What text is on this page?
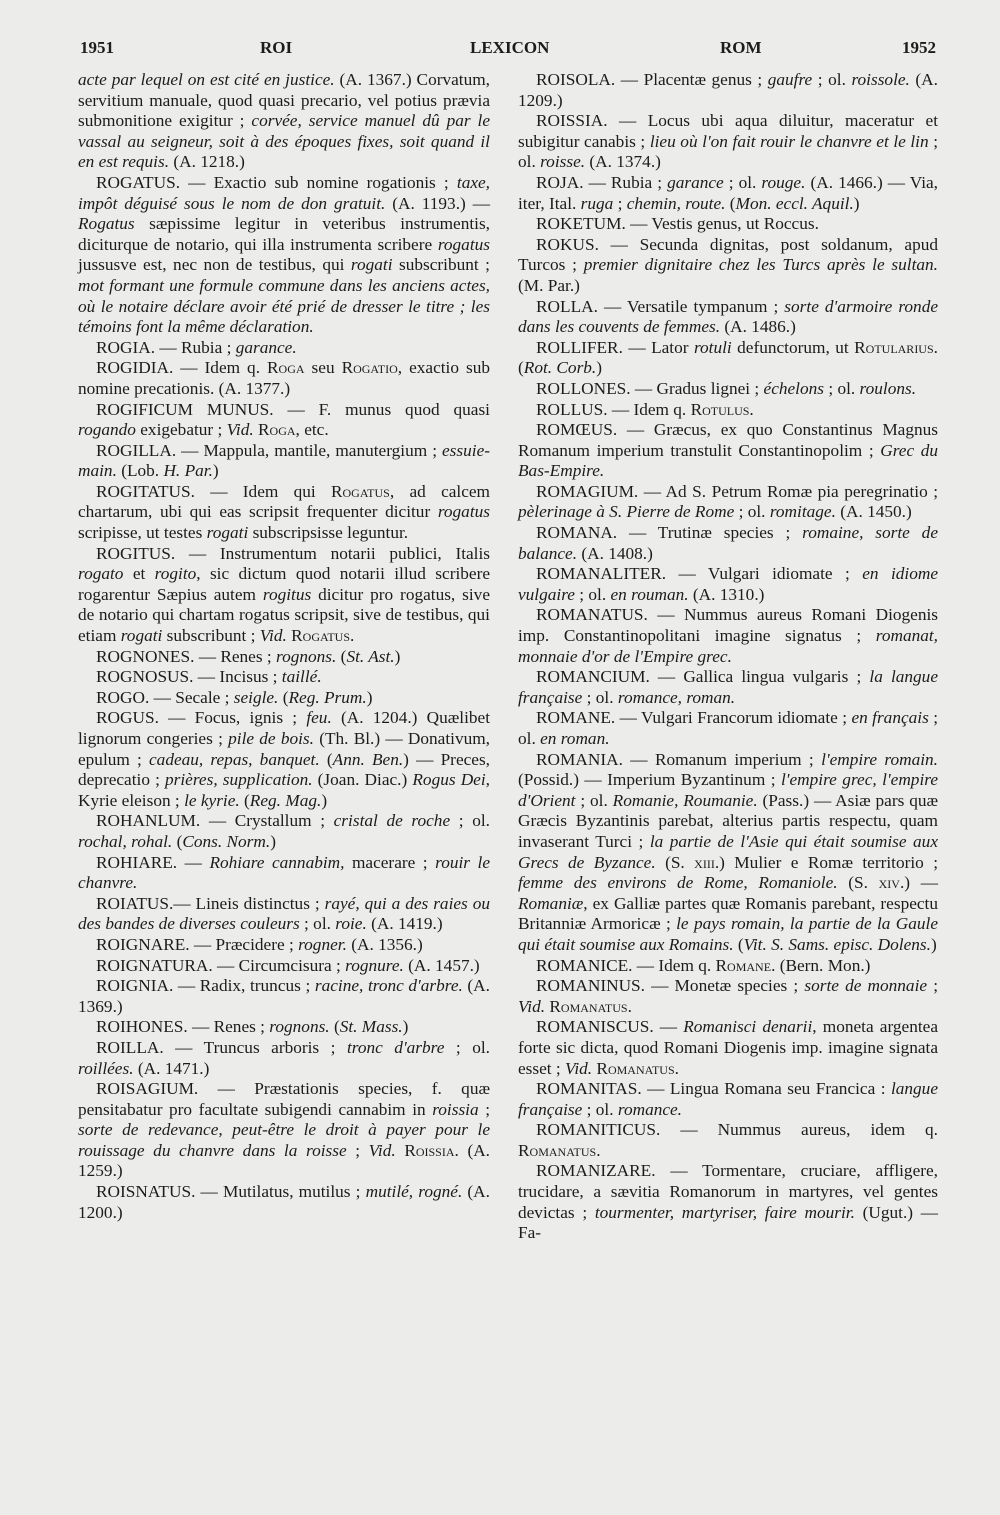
1951	ROI	LEXICON	ROM	1952

acte par lequel on est cité en justice. (A. 1367.) Corvatum, servitium manuale, quod quasi precario, vel potius prævia submonitione exigitur ; corvée, service manuel dû par le vassal au seigneur, soit à des époques fixes, soit quand il en est requis. (A. 1218.)

ROGATUS. — Exactio sub nomine rogationis ; taxe, impôt déguisé sous le nom de don gratuit. (A. 1193.) — Rogatus sæpissime legitur in veteribus instrumentis, diciturque de notario, qui illa instrumenta scribere rogatus jussusve est, nec non de testibus, qui rogati subscribunt ; mot formant une formule commune dans les anciens actes, où le notaire déclare avoir été prié de dresser le titre ; les témoins font la même déclaration.

ROGIA. — Rubia ; garance.

ROGIDIA. — Idem q. Roga seu Rogatio, exactio sub nomine precationis. (A. 1377.)

ROGIFICUM MUNUS. — F. munus quod quasi rogando exigebatur ; Vid. Roga, etc.

ROGILLA. — Mappula, mantile, manutergium ; essuie-main. (Lob. H. Par.)

ROGITATUS. — Idem qui Rogatus, ad calcem chartarum, ubi qui eas scripsit frequenter dicitur rogatus scripisse, ut testes rogati subscripsisse leguntur.

ROGITUS. — Instrumentum notarii publici, Italis rogato et rogito, sic dictum quod notarii illud scribere rogarentur Sæpius autem rogitus dicitur pro rogatus, sive de notario qui chartam rogatus scripsit, sive de testibus, qui etiam rogati subscribunt ; Vid. Rogatus.

ROGNONES. — Renes ; rognons. (St. Ast.)

ROGNOSUS. — Incisus ; taillé.

ROGO. — Secale ; seigle. (Reg. Prum.)

ROGUS. — Focus, ignis ; feu. (A. 1204.) Quælibet lignorum congeries ; pile de bois. (Th. Bl.) — Donativum, epulum ; cadeau, repas, banquet. (Ann. Ben.) — Preces, deprecatio ; prières, supplication. (Joan. Diac.) Rogus Dei, Kyrie eleison ; le kyrie. (Reg. Mag.)

ROHANLUM. — Crystallum ; cristal de roche ; ol. rochal, rohal. (Cons. Norm.)

ROHIARE. — Rohiare cannabim, macerare ; rouir le chanvre.

ROIATUS.— Lineis distinctus ; rayé, qui a des raies ou des bandes de diverses couleurs ; ol. roie. (A. 1419.)

ROIGNARE. — Præcidere ; rogner. (A. 1356.)

ROIGNATURA. — Circumcisura ; rognure. (A. 1457.)

ROIGNIA. — Radix, truncus ; racine, tronc d'arbre. (A. 1369.)

ROIHONES. — Renes ; rognons. (St. Mass.)

ROILLA. — Truncus arboris ; tronc d'arbre ; ol. roillées. (A. 1471.)

ROISAGIUM. — Præstationis species, f. quæ pensitabatur pro facultate subigendi cannabim in roissia ; sorte de redevance, peut-être le droit à payer pour le rouissage du chanvre dans la roisse ; Vid. Roissia. (A. 1259.)

ROISNATUS. — Mutilatus, mutilus ; mutilé, rogné. (A. 1200.)

ROISOLA. — Placentæ genus ; gaufre ; ol. roissole. (A. 1209.)

ROISSIA. — Locus ubi aqua diluitur, maceratur et subigitur canabis ; lieu où l'on fait rouir le chanvre et le lin ; ol. roisse. (A. 1374.)

ROJA. — Rubia ; garance ; ol. rouge. (A. 1466.) — Via, iter, Ital. ruga ; chemin, route. (Mon. eccl. Aquil.)

ROKETUM. — Vestis genus, ut Roccus.

ROKUS. — Secunda dignitas, post soldanum, apud Turcos ; premier dignitaire chez les Turcs après le sultan. (M. Par.)

ROLLA. — Versatile tympanum ; sorte d'armoire ronde dans les couvents de femmes. (A. 1486.)

ROLLIFER. — Lator rotuli defunctorum, ut Rotularius. (Rot. Corb.)

ROLLONES. — Gradus lignei ; échelons ; ol. roulons.

ROLLUS. — Idem q. Rotulus.

ROMŒUS. — Græcus, ex quo Constantinus Magnus Romanum imperium transtulit Constantinopolim ; Grec du Bas-Empire.

ROMAGIUM. — Ad S. Petrum Romæ pia peregrinatio ; pèlerinage à S. Pierre de Rome ; ol. romitage. (A. 1450.)

ROMANA. — Trutinæ species ; romaine, sorte de balance. (A. 1408.)

ROMANALITER. — Vulgari idiomate ; en idiome vulgaire ; ol. en rouman. (A. 1310.)

ROMANATUS. — Nummus aureus Romani Diogenis imp. Constantinopolitani imagine signatus ; romanat, monnaie d'or de l'Empire grec.

ROMANCIUM. — Gallica lingua vulgaris ; la langue française ; ol. romance, roman.

ROMANE. — Vulgari Francorum idiomate ; en français ; ol. en roman.

ROMANIA. — Romanum imperium ; l'empire romain. (Possid.) — Imperium Byzantinum ; l'empire grec, l'empire d'Orient ; ol. Romanie, Roumanie. (Pass.) — Asiæ pars quæ Græcis Byzantinis parebat, alterius partis respectu, quam invaserant Turci ; la partie de l'Asie qui était soumise aux Grecs de Byzance. (S. xiii.) Mulier e Romæ territorio ; femme des environs de Rome, Romaniole. (S. xiv.) — Romaniæ, ex Galliæ partes quæ Romanis parebant, respectu Britanniæ Armoricæ ; le pays romain, la partie de la Gaule qui était soumise aux Romains. (Vit. S. Sams. episc. Dolens.)

ROMANICE. — Idem q. Romane. (Bern. Mon.)

ROMANINUS. — Monetæ species ; sorte de monnaie ; Vid. Romanatus.

ROMANISCUS. — Romanisci denarii, moneta argentea forte sic dicta, quod Romani Diogenis imp. imagine signata esset ; Vid. Romanatus.

ROMANITAS. — Lingua Romana seu Francica : langue française ; ol. romance.

ROMANITICUS. — Nummus aureus, idem q. Romanatus.

ROMANIZARE. — Tormentare, cruciare, affligere, trucidare, a sævitia Romanorum in martyres, vel gentes devictas ; tourmenter, martyriser, faire mourir. (Ugut.) — Fa-
